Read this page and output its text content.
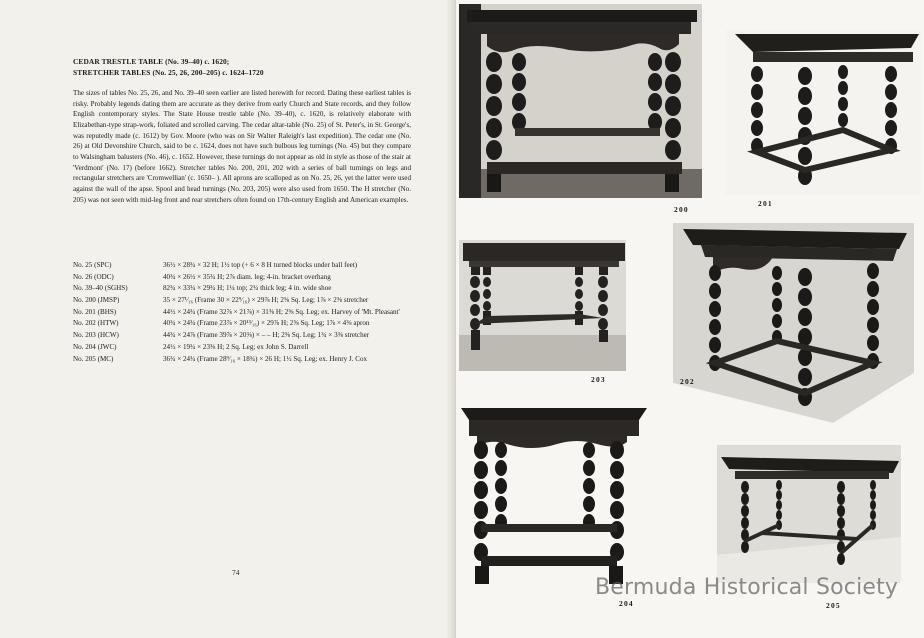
CEDAR TRESTLE TABLE (No. 39–40) c. 1620;
STRETCHER TABLES (No. 25, 26, 200–205) c. 1624–1720

The sizes of tables No. 25, 26, and No. 39–40 seen earlier are listed herewith for record. Dating these earliest tables is risky. Probably legends dating them are accurate as they derive from early Church and State records, and they follow English contemporary styles. The State House trestle table (No. 39–40), c. 1620, is relatively elaborate with Elizabethan-type strap-work, foliated and scrolled carving. The cedar altar-table (No. 25) of St. Peter's, in St. George's, was reputedly made (c. 1612) by Gov. Moore (who was on Sir Walter Raleigh's last expedition). The cedar one (No. 26) at Old Devonshire Church, said to be c. 1624, does not have such bulbous leg turnings (No. 45) but they compare to Walsingham balusters (No. 46), c. 1652. However, these turnings do not appear as old in style as those of the stair at 'Verdmont' (No. 17) (before 1662). Stretcher tables No. 200, 201, 202 with a series of ball turnings on legs and rectangular stretchers are 'Cromwellian' (c. 1650– ). All aprons are scalloped as on No. 25, 26, yet the latter were used against the wall of the apse. Spool and head turnings (No. 203, 205) were also used from 1650. The H stretcher (No. 205) was not seen with mid-leg front and rear stretchers often found on 17th-century English and American examples.

No. 25 (SPC)	36½ × 28¾ × 32 H; 1½ top (+ 6 × 8 H turned blocks under ball feet)
No. 26 (ODC)	40¾ × 26½ × 35¾ H; 2⅞ diam. leg; 4-in. bracket overhang
No. 39–40 (SGHS)	82¾ × 33¾ × 29¾ H; 1¼ top; 2¾ thick leg; 4 in. wide shoe
No. 200 (JMSP)	35 × 27¹⁄₁₆ (Frame 30 × 22⁹⁄₁₆) × 29⅞ H; 2⅝ Sq. Leg; 1⅞ × 2⅜ stretcher
No. 201 (BHS)	44½ × 24¾ (Frame 32⅞ × 21⅞) × 31⅜ H; 2⅝ Sq. Leg; ex. Harvey of 'Mt. Pleasant'
No. 202 (HTW)	40¾ × 24¾ (Frame 23⅞ × 20¹³⁄₁₆) × 29⅞ H; 2⅝ Sq. Leg; 1⅞ × 4⅜ apron
No. 203 (HCW)	44¾ × 24⅞ (Frame 39⅞ × 20⅜) × – – H; 2⅜ Sq. Leg; 1¾ × 3⅜ stretcher
No. 204 (JWC)	24½ × 19¾ × 23⅜ H; 2 Sq. Leg; ex John S. Darrell
No. 205 (MC)	36¾ × 24¾ (Frame 28⁹⁄₁₆ × 18¾) × 26 H; 1½ Sq. Leg; ex. Henry J. Cox
74
200
201
203	202
204	205
Bermuda Historical Society
